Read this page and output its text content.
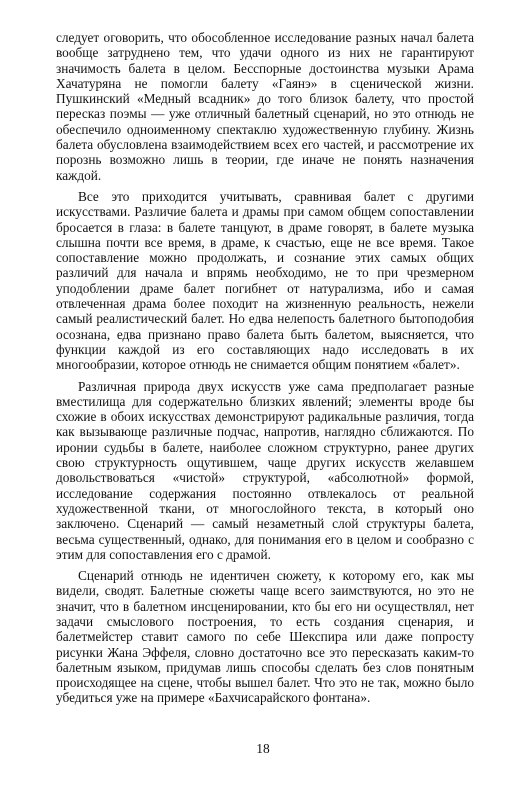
следует оговорить, что обособленное исследование разных начал балета вообще затруднено тем, что удачи одного из них не гарантируют значимость балета в целом. Бесспорные достоинства музыки Арама Хачатуряна не помогли балету «Гаянэ» в сценической жизни. Пушкинский «Медный всадник» до того близок балету, что простой пересказ поэмы — уже отличный балетный сценарий, но это отнюдь не обеспечило одноименному спектаклю художественную глубину. Жизнь балета обусловлена взаимодействием всех его частей, и рассмотрение их порознь возможно лишь в теории, где иначе не понять назначения каждой.

Все это приходится учитывать, сравнивая балет с другими искусствами. Различие балета и драмы при самом общем сопоставлении бросается в глаза: в балете танцуют, в драме говорят, в балете музыка слышна почти все время, в драме, к счастью, еще не все время. Такое сопоставление можно продолжать, и сознание этих самых общих различий для начала и впрямь необходимо, не то при чрезмерном уподоблении драме балет погибнет от натурализма, ибо и самая отвлеченная драма более походит на жизненную реальность, нежели самый реалистический балет. Но едва нелепость балетного бытоподобия осознана, едва признано право балета быть балетом, выясняется, что функции каждой из его составляющих надо исследовать в их многообразии, которое отнюдь не снимается общим понятием «балет».

Различная природа двух искусств уже сама предполагает разные вместилища для содержательно близких явлений; элементы вроде бы схожие в обоих искусствах демонстрируют радикальные различия, тогда как вызывающе различные подчас, напротив, наглядно сближаются. По иронии судьбы в балете, наиболее сложном структурно, ранее других свою структурность ощутившем, чаще других искусств желавшем довольствоваться «чистой» структурой, «абсолютной» формой, исследование содержания постоянно отвлекалось от реальной художественной ткани, от многослойного текста, в который оно заключено. Сценарий — самый незаметный слой структуры балета, весьма существенный, однако, для понимания его в целом и сообразно с этим для сопоставления его с драмой.

Сценарий отнюдь не идентичен сюжету, к которому его, как мы видели, сводят. Балетные сюжеты чаще всего заимствуются, но это не значит, что в балетном инсценировании, кто бы его ни осуществлял, нет задачи смыслового построения, то есть создания сценария, и балетмейстер ставит самого по себе Шекспира или даже попросту рисунки Жана Эффеля, словно достаточно все это пересказать каким-то балетным языком, придумав лишь способы сделать без слов понятным происходящее на сцене, чтобы вышел балет. Что это не так, можно было убедиться уже на примере «Бахчисарайского фонтана».

18
